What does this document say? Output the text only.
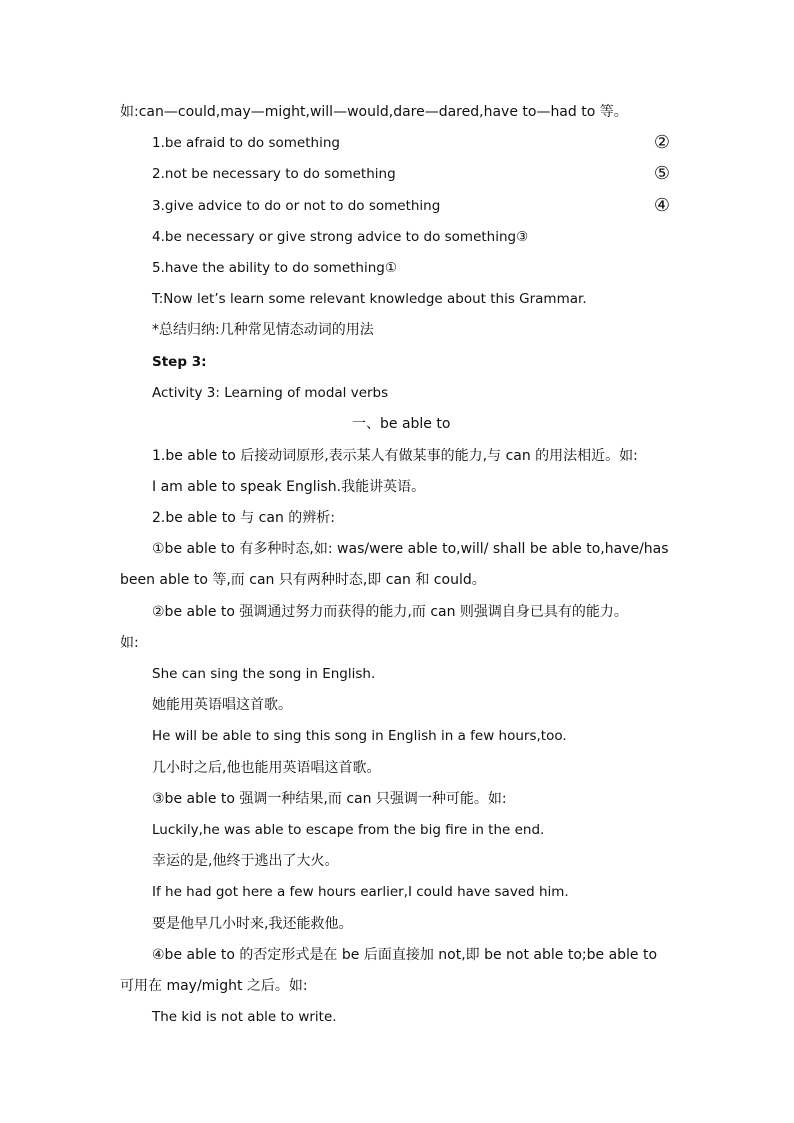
如:can—could,may—might,will—would,dare—dared,have to—had to 等。
1.be afraid to do something	②
2.not be necessary to do something	⑤
3.give advice to do or not to do something	④
4.be necessary or give strong advice to do something③
5.have the ability to do something①
T:Now let’s learn some relevant knowledge about this Grammar.
*总结归纳:几种常见情态动词的用法
Step 3:
Activity 3: Learning of modal verbs
一、be able to
1.be able to 后接动词原形,表示某人有做某事的能力,与 can 的用法相近。如:
I am able to speak English.我能讲英语。
2.be able to 与 can 的辨析:
①be able to 有多种时态,如: was/were able to,will/ shall be able to,have/has
been able to 等,而 can 只有两种时态,即 can 和 could。
②be able to 强调通过努力而获得的能力,而 can 则强调自身已具有的能力。
如:
She can sing the song in English.
她能用英语唱这首歌。
He will be able to sing this song in English in a few hours,too.
几小时之后,他也能用英语唱这首歌。
③be able to 强调一种结果,而 can 只强调一种可能。如:
Luckily,he was able to escape from the big fire in the end.
幸运的是,他终于逃出了大火。
If he had got here a few hours earlier,I could have saved him.
要是他早几小时来,我还能救他。
④be able to 的否定形式是在 be 后面直接加 not,即 be not able to;be able to
可用在 may/might 之后。如:
The kid is not able to write.
